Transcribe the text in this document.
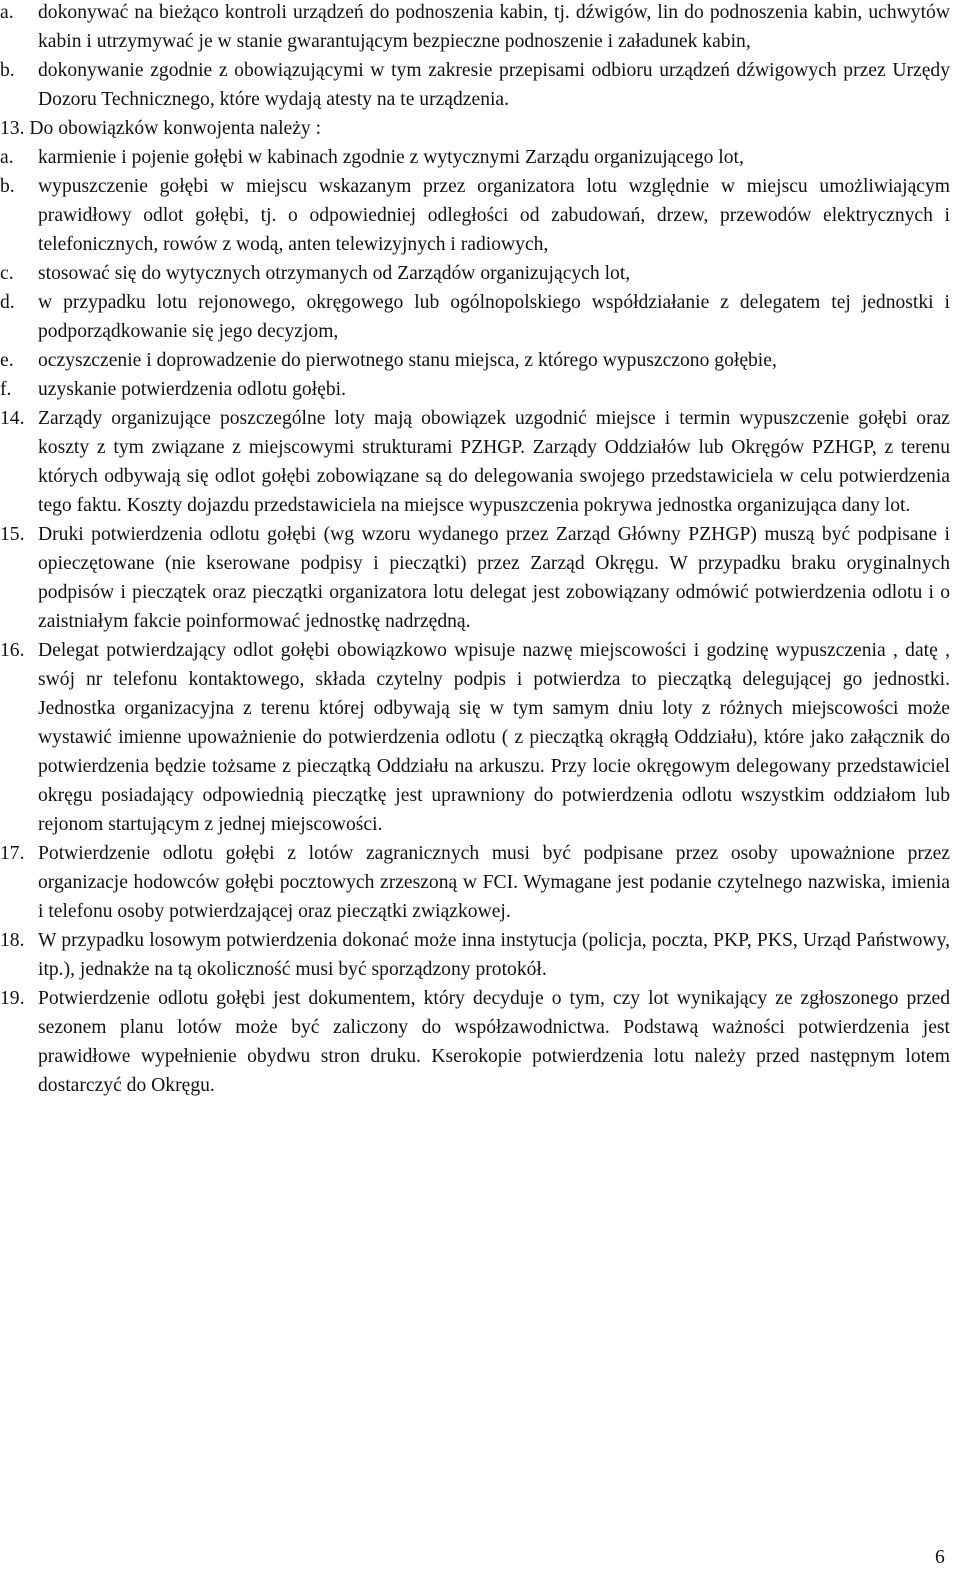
a. dokonywać na bieżąco kontroli urządzeń do podnoszenia kabin, tj. dźwigów, lin do podnoszenia kabin, uchwytów kabin i utrzymywać je w stanie gwarantującym bezpieczne podnoszenie i załadunek kabin,
b. dokonywanie zgodnie z obowiązującymi w tym zakresie przepisami odbioru urządzeń dźwigowych przez Urzędy Dozoru Technicznego, które wydają atesty na te urządzenia.
13. Do obowiązków konwojenta należy :
a. karmienie i pojenie gołębi w kabinach zgodnie z wytycznymi Zarządu organizującego lot,
b. wypuszczenie gołębi w miejscu wskazanym przez organizatora lotu względnie w miejscu umożliwiającym prawidłowy odlot gołębi, tj. o odpowiedniej odległości od zabudowań, drzew, przewodów elektrycznych i telefonicznych, rowów z wodą, anten telewizyjnych i radiowych,
c. stosować się do wytycznych otrzymanych od Zarządów organizujących lot,
d. w przypadku lotu rejonowego, okręgowego lub ogólnopolskiego współdziałanie z delegatem tej jednostki i podporządkowanie się jego decyzjom,
e. oczyszczenie i doprowadzenie do pierwotnego stanu miejsca, z którego wypuszczono gołębie,
f. uzyskanie potwierdzenia odlotu gołębi.
14. Zarządy organizujące poszczególne loty mają obowiązek uzgodnić miejsce i termin wypuszczenie gołębi oraz koszty z tym związane z miejscowymi strukturami PZHGP. Zarządy Oddziałów lub Okręgów PZHGP, z terenu których odbywają się odlot gołębi zobowiązane są do delegowania swojego przedstawiciela w celu potwierdzenia tego faktu. Koszty dojazdu przedstawiciela na miejsce wypuszczenia pokrywa jednostka organizująca dany lot.
15. Druki potwierdzenia odlotu gołębi (wg wzoru wydanego przez Zarząd Główny PZHGP) muszą być podpisane i opieczętowane (nie kserowane podpisy i pieczątki) przez Zarząd Okręgu. W przypadku braku oryginalnych podpisów i pieczątek oraz pieczątki organizatora lotu delegat jest zobowiązany odmówić potwierdzenia odlotu i o zaistniałym fakcie poinformować jednostkę nadrzędną.
16. Delegat potwierdzający odlot gołębi obowiązkowo wpisuje nazwę miejscowości i godzinę wypuszczenia , datę , swój nr telefonu kontaktowego, składa czytelny podpis i potwierdza to pieczątką delegującej go jednostki. Jednostka organizacyjna z terenu której odbywają się w tym samym dniu loty z różnych miejscowości może wystawić imienne upoważnienie do potwierdzenia odlotu ( z pieczątką okrągłą Oddziału), które jako załącznik do potwierdzenia będzie tożsame z pieczątką Oddziału na arkuszu. Przy locie okręgowym delegowany przedstawiciel okręgu posiadający odpowiednią pieczątkę jest uprawniony do potwierdzenia odlotu wszystkim oddziałom lub rejonom startującym z jednej miejscowości.
17. Potwierdzenie odlotu gołębi z lotów zagranicznych musi być podpisane przez osoby upoważnione przez organizacje hodowców gołębi pocztowych zrzeszoną w FCI. Wymagane jest podanie czytelnego nazwiska, imienia i telefonu osoby potwierdzającej oraz pieczątki związkowej.
18. W przypadku losowym potwierdzenia dokonać może inna instytucja (policja, poczta, PKP, PKS, Urząd Państwowy, itp.), jednakże na tą okoliczność musi być sporządzony protokół.
19. Potwierdzenie odlotu gołębi jest dokumentem, który decyduje o tym, czy lot wynikający ze zgłoszonego przed sezonem planu lotów może być zaliczony do współzawodnictwa. Podstawą ważności potwierdzenia jest prawidłowe wypełnienie obydwu stron druku. Kserokopie potwierdzenia lotu należy przed następnym lotem dostarczyć do Okręgu.
6
